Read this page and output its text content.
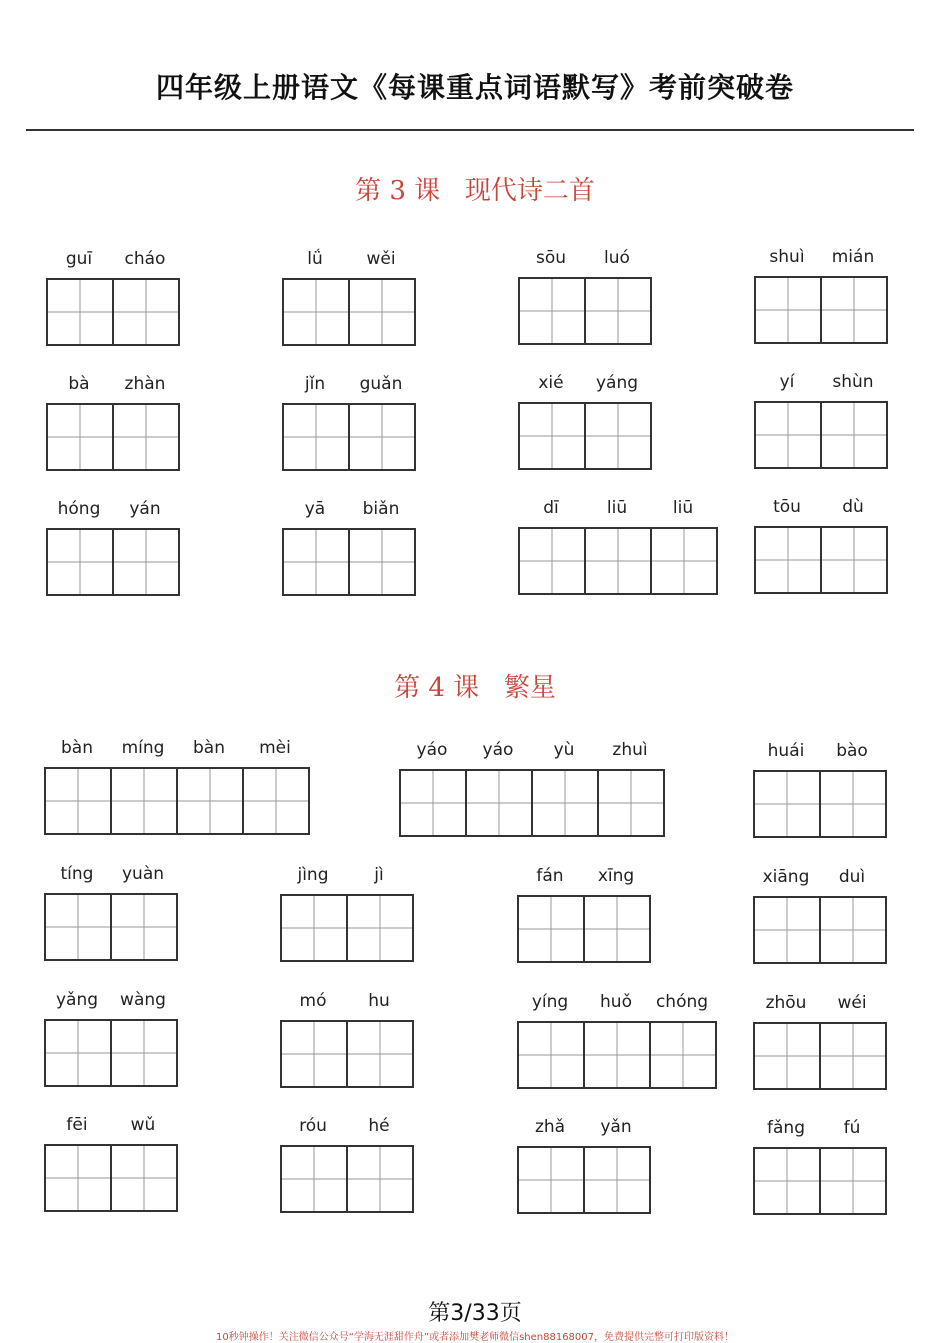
四年级上册语文《每课重点词语默写》考前突破卷
第 3 课   现代诗二首
第 4 课   繁星
guī	cháo	lǘ	wěi	sōu	luó	shuì	mián
bà	zhàn	jǐn	guǎn	xié	yáng	yí	shùn
hóng	yán	yā	biǎn	dī	liū	liū	tōu	dù
bàn	míng	bàn	mèi	yáo	yáo	yù	zhuì	huái	bào
tíng	yuàn	jìng	jì	fán	xīng	xiāng	duì
yǎng	wàng	mó	hu	yíng	huǒ	chóng	zhōu	wéi
fēi	wǔ	róu	hé	zhǎ	yǎn	fǎng	fú
第3/33页
10秒钟操作！关注微信公众号“学海无涯甜作舟”或者添加樊老师微信shen88168007，免费提供完整可打印版资料！
